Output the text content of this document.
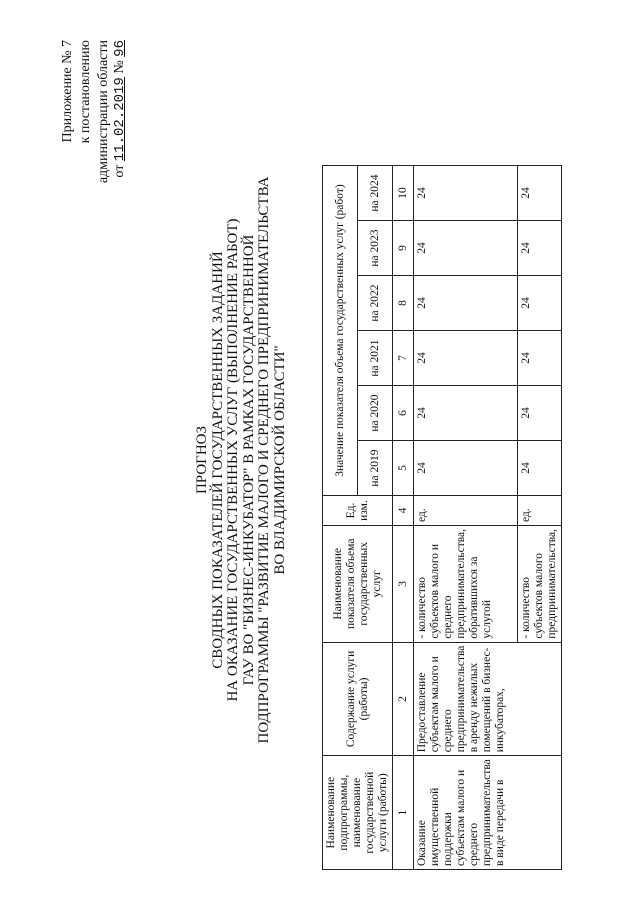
Приложение № 7 к постановлению администрации области от 11.02.2019 № 96
ПРОГНОЗ СВОДНЫХ ПОКАЗАТЕЛЕЙ ГОСУДАРСТВЕННЫХ ЗАДАНИЙ НА ОКАЗАНИЕ ГОСУДАРСТВЕННЫХ УСЛУГ (ВЫПОЛНЕНИЕ РАБОТ) ГАУ ВО "БИЗНЕС-ИНКУБАТОР" В РАМКАХ ГОСУДАРСТВЕННОЙ ПОДПРОГРАММЫ "РАЗВИТИЕ МАЛОГО И СРЕДНЕГО ПРЕДПРИНИМАТЕЛЬСТВА ВО ВЛАДИМИРСКОЙ ОБЛАСТИ"
Наименование подпрограммы, наименование государственной услуги (работы)	Содержание услуги (работы)	Наименование показателя объема государственных услуг	Ед. изм.	Значение показателя объема государственных услуг (работ)					
				на 2019	на 2020	на 2021	на 2022	на 2023	на 2024
1	2	3	4	5	6	7	8	9	10
Оказание имущественной поддержки субъектам малого и среднего предпринимательства в виде передачи в	Предоставление субъектам малого и среднего предпринимательства в аренду нежилых помещений в бизнес-инкубаторах,	- количество субъектов малого и среднего предпринимательства, обратившихся за услугой	ед.	24	24	24	24	24	24
		- количество субъектов малого предпринимательства,	ед.	24	24	24	24	24	24
